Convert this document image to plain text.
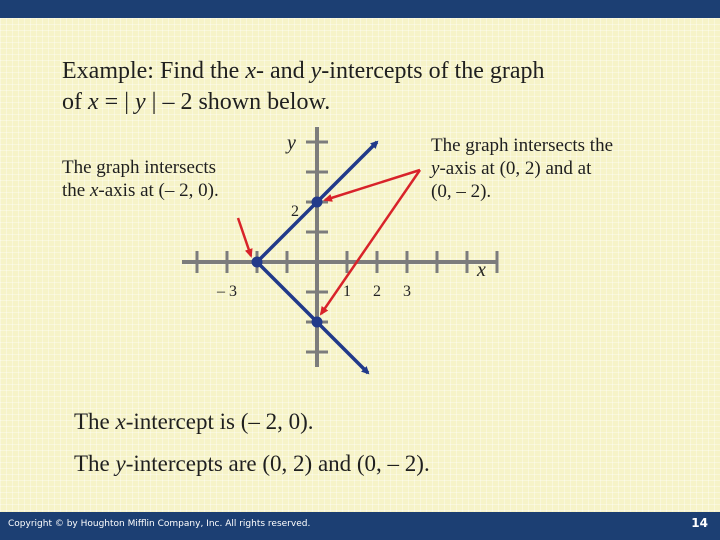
Example: Find the x- and y-intercepts of the graph
of x = | y | – 2 shown below.
The graph intersects
the x-axis at (– 2, 0).
The graph intersects the
y-axis at (0, 2) and at
(0, – 2).
x
y
– 3	1 2 3
2
The x-intercept is (– 2, 0).
The y-intercepts are (0, 2) and (0, – 2).
Copyright © by Houghton Mifflin Company, Inc. All rights reserved.	14
